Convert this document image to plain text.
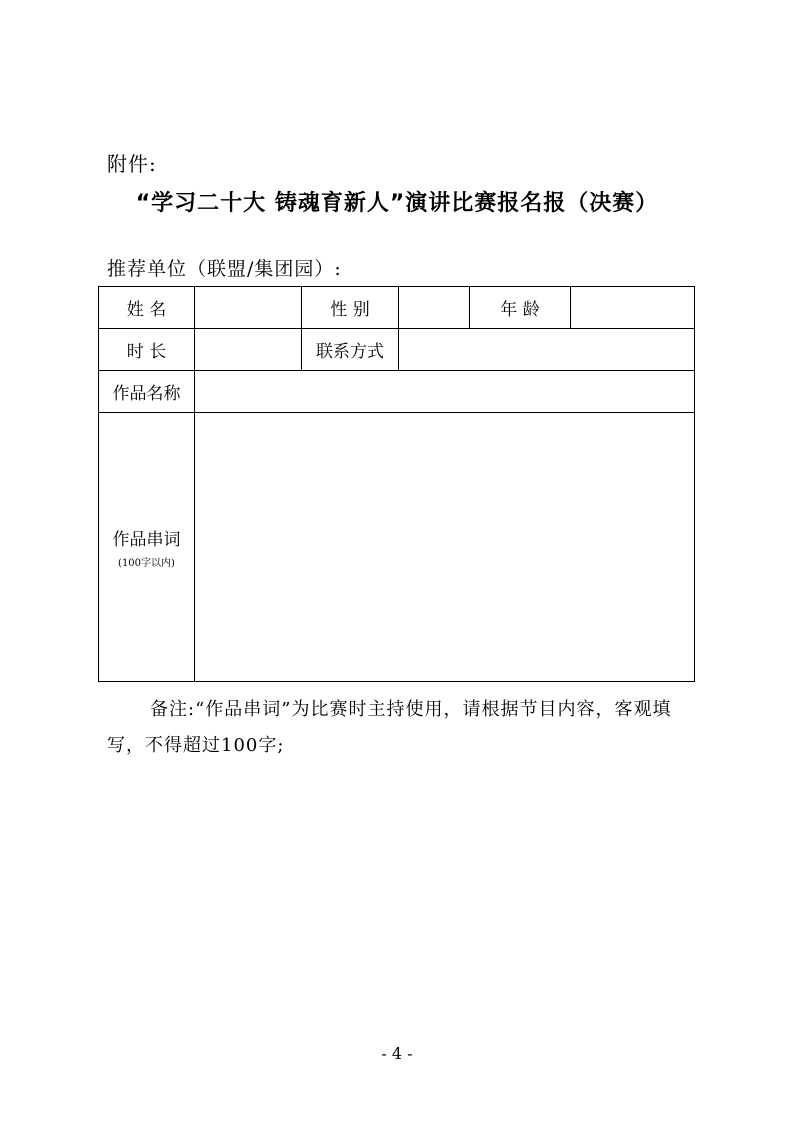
附件:
“学习二十大 铸魂育新人”演讲比赛报名报（决赛）
推荐单位（联盟/集团园）:
姓 名		性 别		年 龄	
时 长		联系方式			
作品名称					
作品串词
(100字以内)					

备注:“作品串词”为比赛时主持使用，请根据节目内容，客观填写，不得超过100字;
- 4 -
